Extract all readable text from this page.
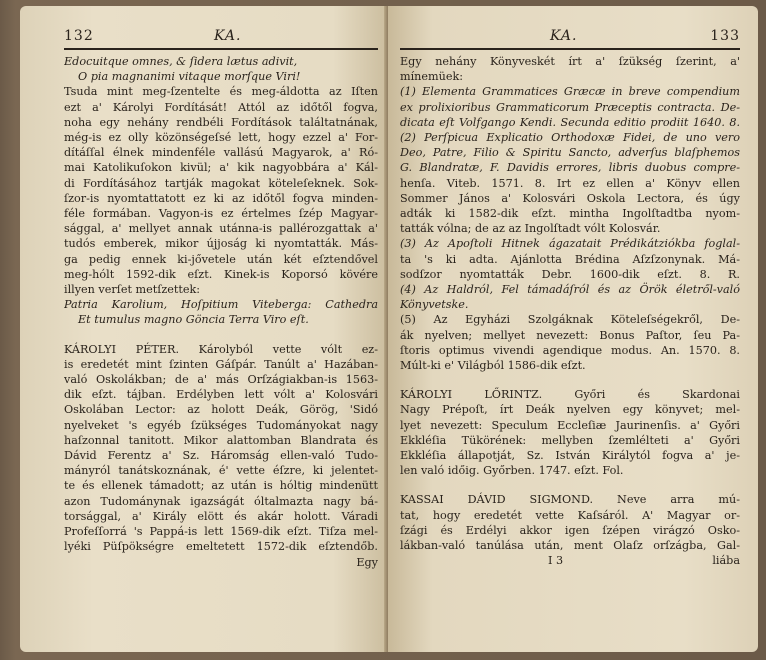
132	KA.
Edocuitque omnes, & ſidera lætus adivit,
O pia magnanimi vitaque morſque Viri!
Tsuda mint meg-ſzentelte és meg-áldotta az Iſten
ezt a' Károlyi Fordítását! Attól az időtől fogva,
noha egy nehány rendbéli Fordítások találtatnának,
még-is ez olly közönségeſsé lett, hogy ezzel a' For-
dítáſſal élnek mindenféle vallású Magyarok, a' Ró-
mai Katolikuſokon kivül; a' kik nagyobbára a' Kál-
di Fordításához tartják magokat köteleſeknek. Sok-
ſzor-is nyomtattatott ez ki az időtől fogva minden-
féle formában. Vagyon-is ez értelmes ſzép Magyar-
sággal, a' mellyet annak utánna-is pallérozgattak a'
tudós emberek, mikor újjoság ki nyomtatták. Más-
ga pedig ennek ki-jővetele után két eſztendővel
meg-hólt 1592-dik eſzt. Kinek-is Koporsó kövére
illyen verſet metſzettek:
Patria Karolium, Hoſpitium Viteberga: Cathedra
Et tumulus magno Göncia Terra Viro eſt.
KÁROLYI PÉTER. Károlyból vette vólt ez-
is eredetét mint ſzinten Gáſpár. Tanúlt a' Hazában-
való Oskolákban; de a' más Orſzágiakban-is 1563-
dik eſzt. tájban. Erdélyben lett vólt a' Kolosvári
Oskolában Lector: az holott Deák, Görög, 'Sidó
nyelveket 's egyéb ſzükséges Tudományokat nagy
haſzonnal tanitott. Mikor alattomban Blandrata és
Dávid Ferentz a' Sz. Háromság ellen-való Tudo-
mányról tanátskoznának, é' vette éſzre, ki jelentet-
te és ellenek támadott; az után is hóltig mindenütt
azon Tudománynak igazságát óltalmazta nagy bá-
torsággal, a' Király elött és akár holott. Váradi
Profeſſorrá 's Pappá-is lett 1569-dik eſzt. Tiſza mel-
lyéki Püſpökségre emeltetett 1572-dik eſztendőb.
Egy
KA.	133
Egy nehány Könyveskét írt a' ſzükség ſzerint, a'
mínemüek:
(1) Elementa Grammatices Græcæ in breve compendium
ex prolixioribus Grammaticorum Præceptis contracta. De-
dicata eſt Volfgango Kendi. Secunda editio prodiit 1640. 8.
(2) Perſpicua Explicatio Orthodoxæ Fidei, de uno vero
Deo, Patre, Filio & Spiritu Sancto, adverſus blaſphemos
G. Blandratæ, F. Davidis errores, libris duobus compre-
henſa. Viteb. 1571. 8. Irt ez ellen a' Könyv ellen
Sommer János a' Kolosvári Oskola Lectora, és úgy
adták ki 1582-dik eſzt. mintha Ingolſtadtba nyom-
tatták vólna; de az az Ingolſtadt vólt Kolosvár.
(3) Az Apoſtoli Hitnek ágazatait Prédikátziókba foglal-
ta 's ki adta. Ajánlotta Brédina Aſzſzonynak. Má-
sodſzor nyomtatták Debr. 1600-dik eſzt. 8. R.
(4) Az Haldról, Fel támadáſról és az Örök életről-való
Könyvetske.
(5) Az Egyházi Szolgáknak Köteleſségekről, De-
ák nyelven; mellyet nevezett: Bonus Paſtor, ſeu Pa-
ſtoris optimus vivendi agendique modus. An. 1570. 8.
Múlt-ki e' Világból 1586-dik eſzt.
KÁROLYI LŐRINTZ. Győri és Skardonai
Nagy Prépoſt, írt Deák nyelven egy könyvet; mel-
lyet nevezett: Speculum Eccleſiæ Jaurinenſis. a' Győri
Ekkléſia Tükörének: mellyben ſzemlélteti a' Győri
Ekkléſia állapotját, Sz. István Királytól fogva a' je-
len való időig. Győrben. 1747. eſzt. Fol.
KASSAI DÁVID SIGMOND. Neve arra mú-
tat, hogy eredetét vette Kaſsáról. A' Magyar or-
ſzági és Erdélyi akkor igen ſzépen virágzó Osko-
lákban-való tanúlása után, ment Olaſz orſzágba, Gal-
I 3	liába
